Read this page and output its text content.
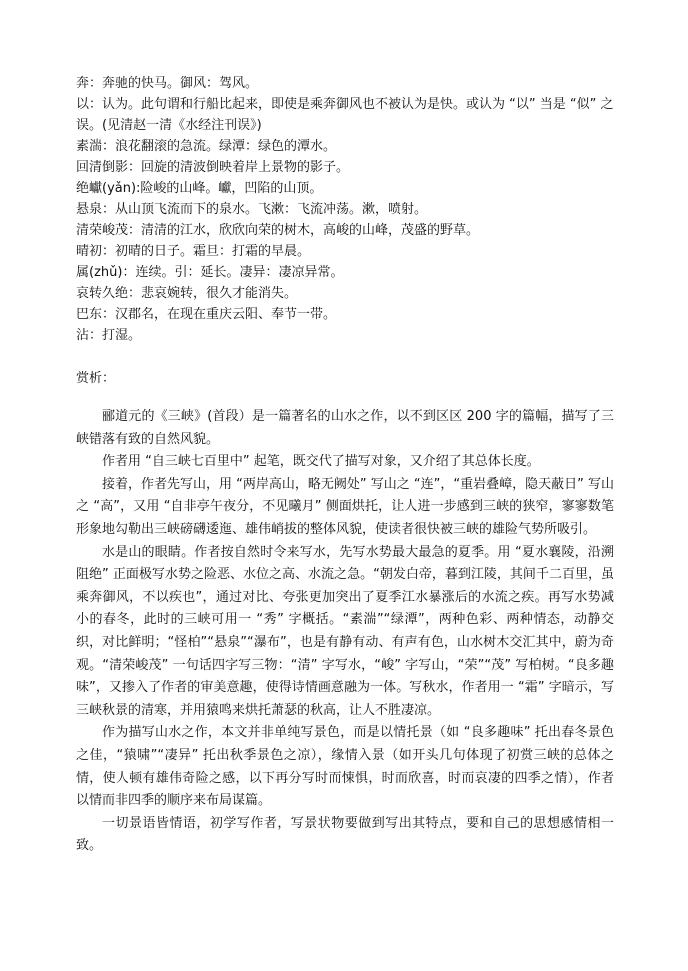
奔：奔驰的快马。御风：驾风。

以：认为。此句谓和行船比起来，即使是乘奔御风也不被认为是快。或认为 “以” 当是 “似” 之误。(见清赵一清《水经注刊误》)

素湍：浪花翻滚的急流。绿潭：绿色的潭水。

回清倒影：回旋的清波倒映着岸上景物的影子。

绝巘(yǎn):险峻的山峰。巘，凹陷的山顶。

悬泉：从山顶飞流而下的泉水。飞漱：飞流冲荡。漱，喷射。

清荣峻茂：清清的江水，欣欣向荣的树木，高峻的山峰，茂盛的野草。

晴初：初晴的日子。霜旦：打霜的早晨。

属(zhǔ)：连续。引：延长。凄异：凄凉异常。

哀转久绝：悲哀婉转，很久才能消失。

巴东：汉郡名，在现在重庆云阳、奉节一带。

沾：打湿。

赏析：

郦道元的《三峡》(首段）是一篇著名的山水之作，以不到区区 200 字的篇幅，描写了三峡错落有致的自然风貌。

作者用 “自三峡七百里中” 起笔，既交代了描写对象，又介绍了其总体长度。

接着，作者先写山，用 “两岸高山，略无阙处” 写山之 “连”，“重岩叠嶂，隐天蔽日” 写山之 “高”，又用 “自非亭午夜分，不见曦月” 侧面烘托，让人进一步感到三峡的狭窄，寥寥数笔形象地勾勒出三峡磅礴逶迤、雄伟峭拔的整体风貌，使读者很快被三峡的雄险气势所吸引。

水是山的眼睛。作者按自然时令来写水，先写水势最大最急的夏季。用 “夏水襄陵，沿溯阻绝” 正面极写水势之险恶、水位之高、水流之急。“朝发白帝，暮到江陵，其间千二百里，虽乘奔御风，不以疾也”，通过对比、夸张更加突出了夏季江水暴涨后的水流之疾。再写水势减小的春冬，此时的三峡可用一 “秀” 字概括。“素湍”“绿潭”，两种色彩、两种情态，动静交织，对比鲜明；“怪柏”“悬泉”“瀑布”，也是有静有动、有声有色，山水树木交汇其中，蔚为奇观。“清荣峻茂” 一句话四字写三物：“清” 字写水，“峻” 字写山，“荣”“茂” 写柏树。“良多趣味”，又掺入了作者的审美意趣，使得诗情画意融为一体。写秋水，作者用一 “霜” 字暗示，写三峡秋景的清寒，并用猿鸣来烘托萧瑟的秋高，让人不胜凄凉。

作为描写山水之作，本文并非单纯写景色，而是以情托景（如 “良多趣味” 托出春冬景色之佳，“猿啸”“凄异” 托出秋季景色之凉），缘情入景（如开头几句体现了初赏三峡的总体之情，使人顿有雄伟奇险之感，以下再分写时而悚惧，时而欣喜，时而哀凄的四季之情），作者以情而非四季的顺序来布局谋篇。

一切景语皆情语，初学写作者，写景状物要做到写出其特点，要和自己的思想感情相一致。
